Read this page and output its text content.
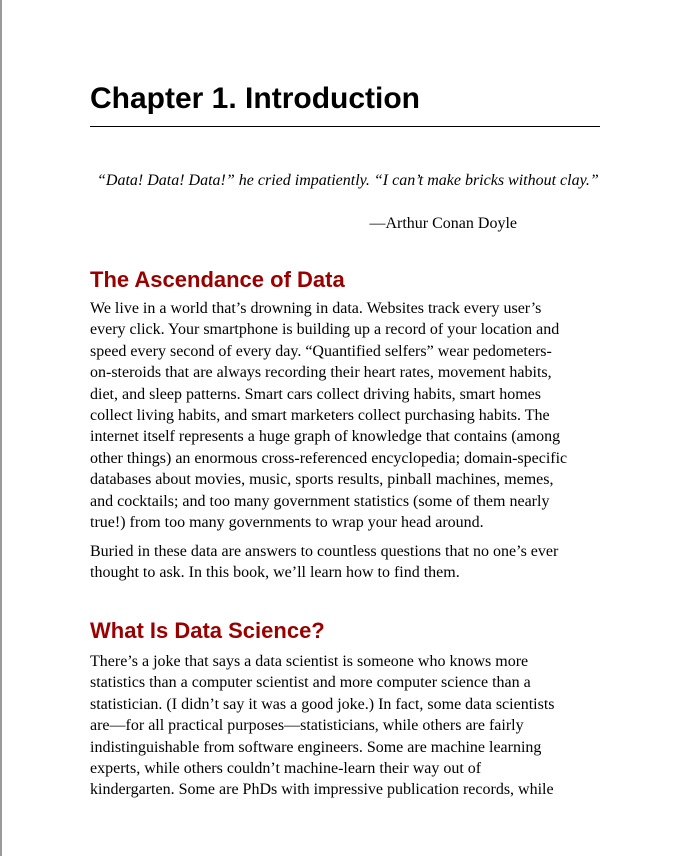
Chapter 1. Introduction

“Data! Data! Data!” he cried impatiently. “I can’t make bricks without clay.”

—Arthur Conan Doyle

The Ascendance of Data

We live in a world that’s drowning in data. Websites track every user’s
every click. Your smartphone is building up a record of your location and
speed every second of every day. “Quantified selfers” wear pedometers-
on-steroids that are always recording their heart rates, movement habits,
diet, and sleep patterns. Smart cars collect driving habits, smart homes
collect living habits, and smart marketers collect purchasing habits. The
internet itself represents a huge graph of knowledge that contains (among
other things) an enormous cross-referenced encyclopedia; domain-specific
databases about movies, music, sports results, pinball machines, memes,
and cocktails; and too many government statistics (some of them nearly
true!) from too many governments to wrap your head around.

Buried in these data are answers to countless questions that no one’s ever
thought to ask. In this book, we’ll learn how to find them.

What Is Data Science?

There’s a joke that says a data scientist is someone who knows more
statistics than a computer scientist and more computer science than a
statistician. (I didn’t say it was a good joke.) In fact, some data scientists
are—for all practical purposes—statisticians, while others are fairly
indistinguishable from software engineers. Some are machine learning
experts, while others couldn’t machine-learn their way out of
kindergarten. Some are PhDs with impressive publication records, while
